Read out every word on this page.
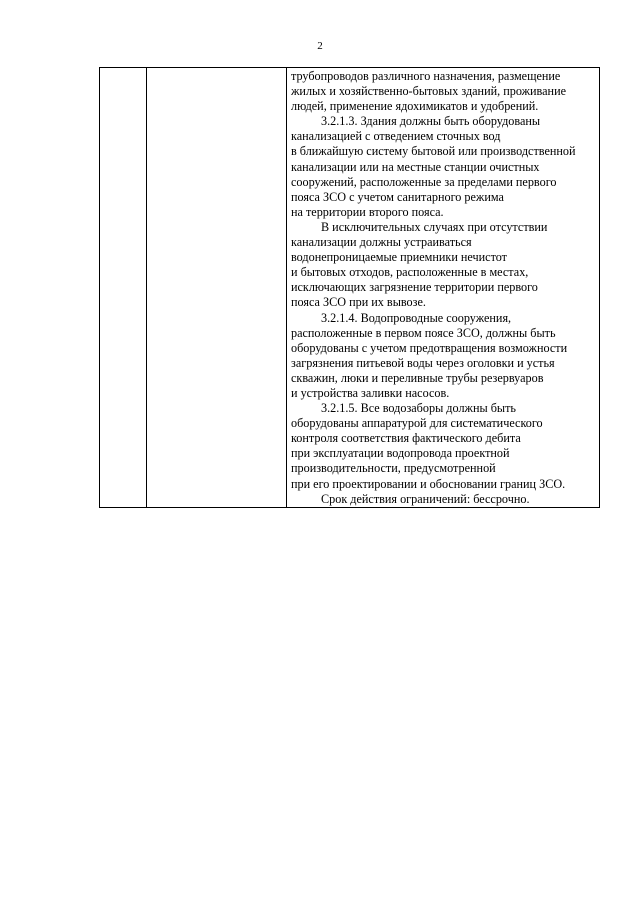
2

трубопроводов различного назначения, размещение
жилых и хозяйственно-бытовых зданий, проживание
людей, применение ядохимикатов и удобрений.
3.2.1.3. Здания должны быть оборудованы
канализацией с отведением сточных вод
в ближайшую систему бытовой или производственной
канализации или на местные станции очистных
сооружений, расположенные за пределами первого
пояса ЗСО с учетом санитарного режима
на территории второго пояса.
В исключительных случаях при отсутствии
канализации должны устраиваться
водонепроницаемые приемники нечистот
и бытовых отходов, расположенные в местах,
исключающих загрязнение территории первого
пояса ЗСО при их вывозе.
3.2.1.4. Водопроводные сооружения,
расположенные в первом поясе ЗСО, должны быть
оборудованы с учетом предотвращения возможности
загрязнения питьевой воды через оголовки и устья
скважин, люки и переливные трубы резервуаров
и устройства заливки насосов.
3.2.1.5. Все водозаборы должны быть
оборудованы аппаратурой для систематического
контроля соответствия фактического дебита
при эксплуатации водопровода проектной
производительности, предусмотренной
при его проектировании и обосновании границ ЗСО.
Срок действия ограничений: бессрочно.
